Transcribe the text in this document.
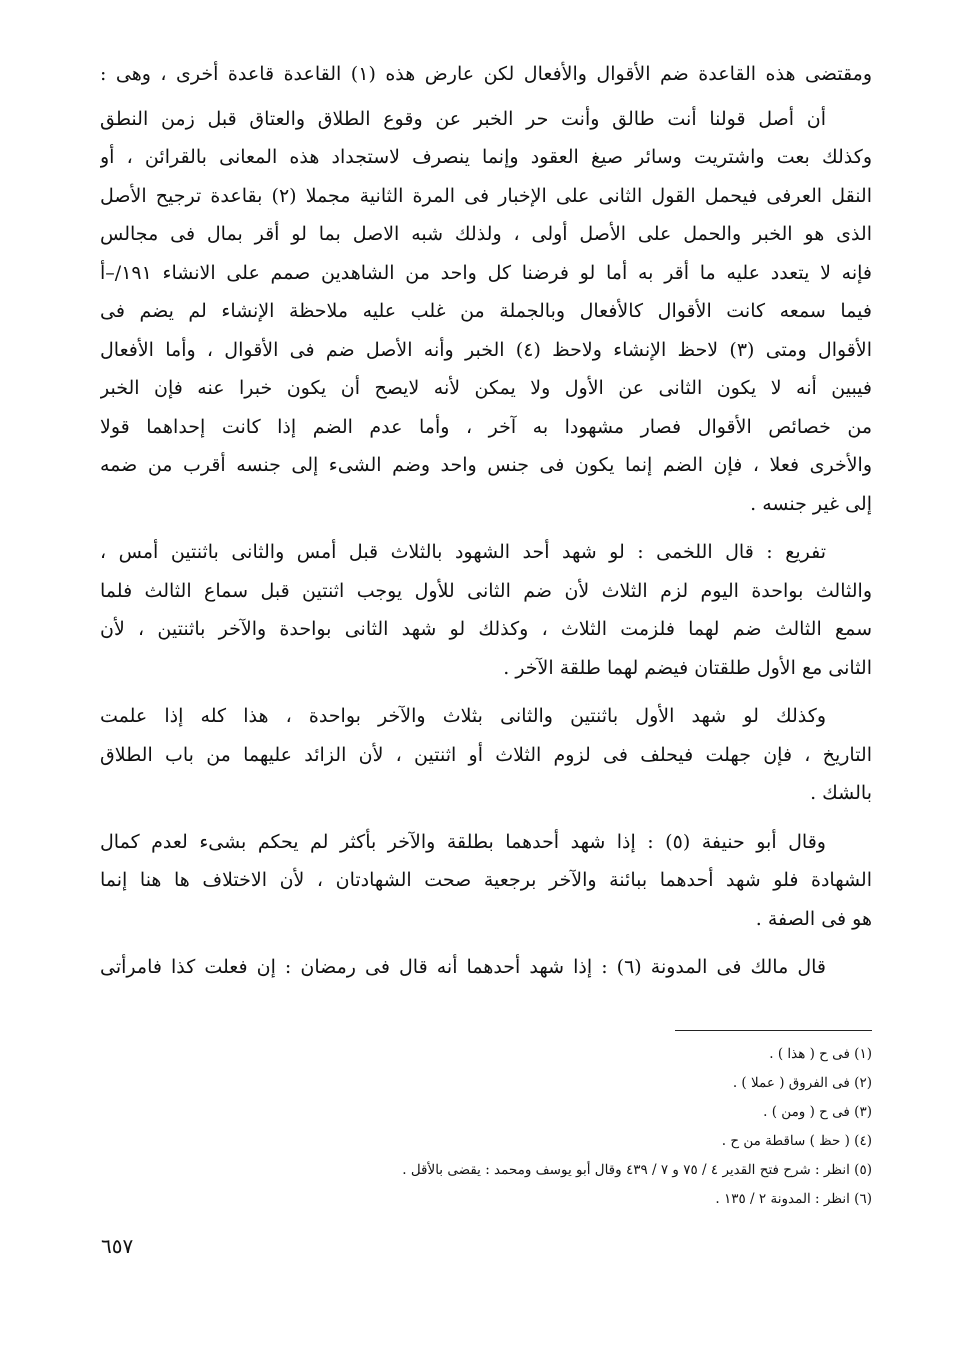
ومقتضى هذه القاعدة ضم الأقوال والأفعال لكن عارض هذه (١) القاعدة قاعدة أخرى ، وهى :
أن أصل قولنا أنت طالق وأنت حر الخبر عن وقوع الطلاق والعتاق قبل زمن النطق
وكذلك بعت واشتريت وسائر صيغ العقود وإنما ينصرف لاستجداد هذه المعانى بالقرائن ، أو
النقل العرفى فيحمل القول الثانى على الإخبار فى المرة الثانية مجملا (٢) بقاعدة ترجيح الأصل
الذى هو الخبر والحمل على الأصل أولى ، ولذلك شبه الاصل بما لو أقر بمال فى مجالس
فإنه لا يتعدد عليه ما أقر به أما لو فرضنا كل واحد من الشاهدين صمم على الانشاء ١٩١/–أ
فيما سمعه كانت الأقوال كالأفعال وبالجملة من غلب عليه ملاحظة الإنشاء لم يضم فى
الأقوال ومتى (٣) لاحظ الإنشاء ولاحظ (٤) الخبر وأنه الأصل ضم فى الأقوال ، وأما الأفعال
فيبين أنه لا يكون الثانى عن الأول ولا يمكن لأنه لايصح أن يكون خبرا عنه فإن الخبر
من خصائص الأقوال فصار مشهودا به آخر ، وأما عدم الضم إذا كانت إحداهما قولا
والأخرى فعلا ، فإن الضم إنما يكون فى جنس واحد وضم الشىء إلى جنسه أقرب من ضمه
إلى غير جنسه .
تفريع : قال اللخمى : لو شهد أحد الشهود بالثلاث قبل أمس والثانى باثنتين أمس ،
والثالث بواحدة اليوم لزم الثلاث لأن ضم الثانى للأول يوجب اثنتين قبل سماع الثالث فلما
سمع الثالث ضم لهما فلزمت الثلاث ، وكذلك لو شهد الثانى بواحدة والآخر باثنتين ، لأن
الثانى مع الأول طلقتان فيضم لهما طلقة الآخر .
وكذلك لو شهد الأول باثنتين والثانى بثلاث والآخر بواحدة ، هذا كله إذا علمت
التاريخ ، فإن جهلت فيحلف فى لزوم الثلاث أو اثنتين ، لأن الزائد عليهما من باب الطلاق
بالشك .
وقال أبو حنيفة (٥) : إذا شهد أحدهما بطلقة والآخر بأكثر لم يحكم بشىء لعدم كمال
الشهادة فلو شهد أحدهما ببائنة والآخر برجعية صحت الشهادتان ، لأن الاختلاف ها هنا إنما
هو فى الصفة .
قال مالك فى المدونة (٦) : إذا شهد أحدهما أنه قال فى رمضان : إن فعلت كذا فامرأتى
(١) فى ح ( هذا ) .
(٢) فى الفروق ( عملا ) .
(٣) فى ح ( ومن ) .
(٤) ( حظ ) ساقطة من ح .
(٥) انظر : شرح فتح القدير ٤ / ٧٥ و ٧ / ٤٣٩ وقال أبو يوسف ومحمد : يقضى بالأقل .
(٦) انظر : المدونة ٢ / ١٣٥ .
٦٥٧
